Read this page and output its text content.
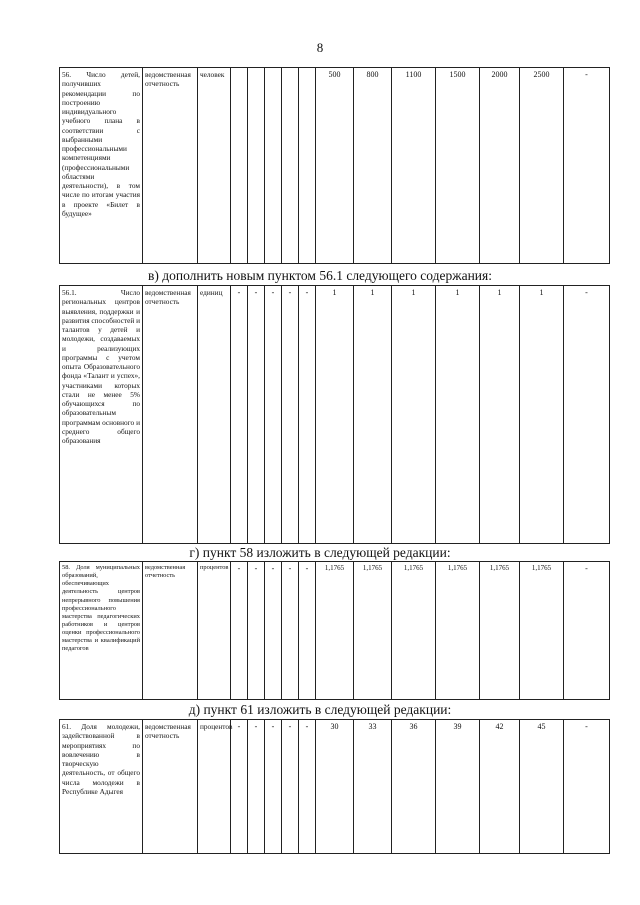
8
56. Число детей, получивших рекомендации по построению индивидуального учебного плана в соответствии с выбранными профессиональными компетенциями (профессиональными областями деятельности), в том числе по итогам участия в проекте «Билет в будущее»	ведомственная отчетность	человек						500	800	1100	1500	2000	2500	-
в) дополнить новым пунктом 56.1 следующего содержания:
56.1. Число региональных центров выявления, поддержки и развития способностей и талантов у детей и молодежи, создаваемых и реализующих программы с учетом опыта Образовательного фонда «Талант и успех», участниками которых стали не менее 5% обучающихся по образовательным программам основного и среднего общего образования	ведомственная отчетность	единиц	-	-	-	-	-	1	1	1	1	1	1	-
г) пункт 58 изложить в следующей редакции:
58. Доля муниципальных образований, обеспечивающих деятельность центров непрерывного повышения профессионального мастерства педагогических работников и центров оценки профессионального мастерства и квалификаций педагогов	ведомственная отчетность	процентов	-	-	-	-	-	1,1765	1,1765	1,1765	1,1765	1,1765	1,1765	-
д) пункт 61 изложить в следующей редакции:
61. Доля молодежи, задействованной в мероприятиях по вовлечению в творческую деятельность, от общего числа молодежи в Республике Адыгея	ведомственная отчетность	процентов	-	-	-	-	-	30	33	36	39	42	45	-
